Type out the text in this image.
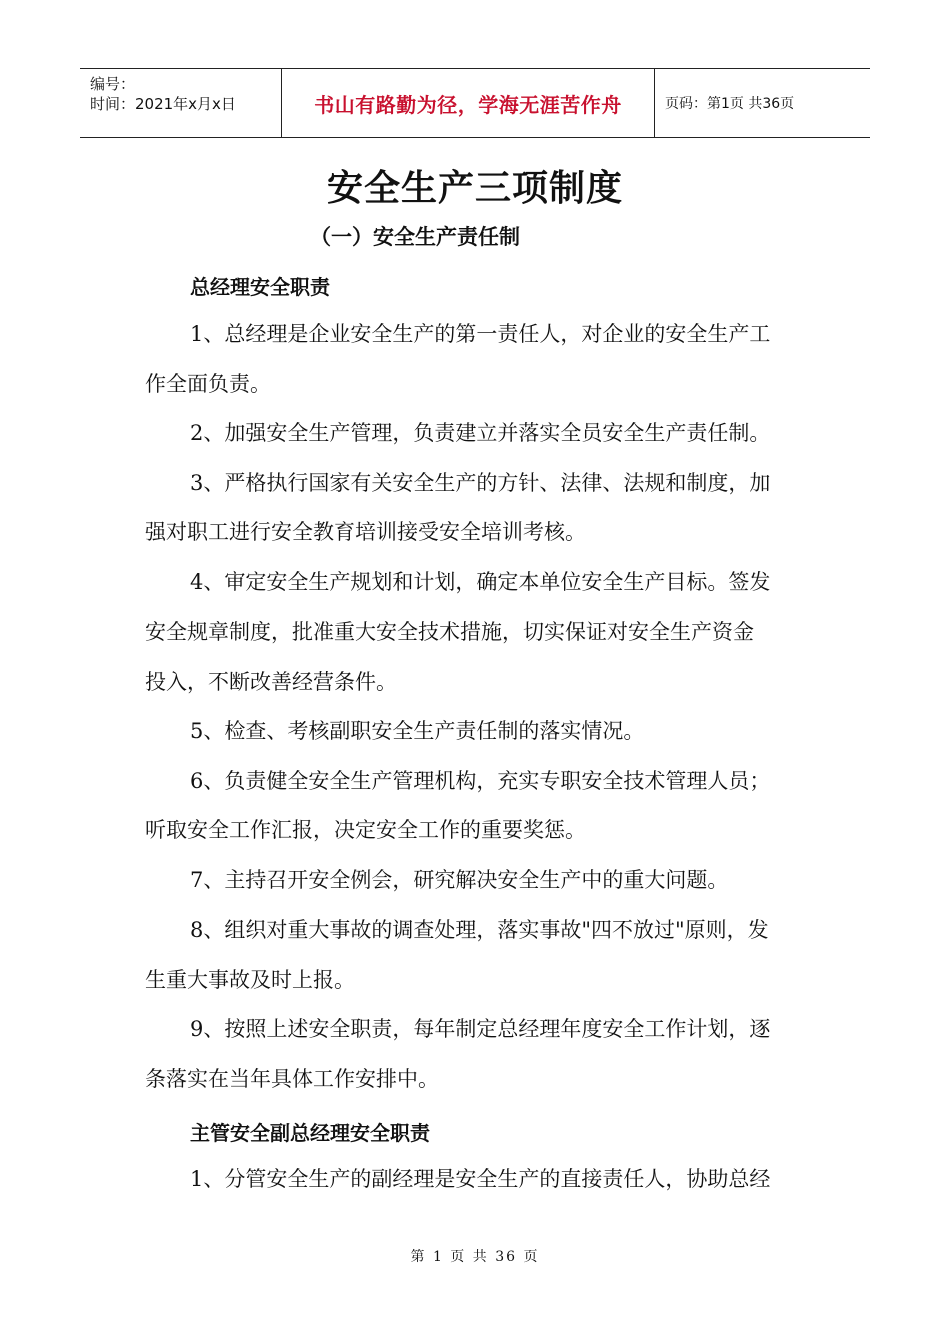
编号：
时间：2021年x月x日	书山有路勤为径，学海无涯苦作舟	页码：第1页 共36页
安全生产三项制度
（一）安全生产责任制
总经理安全职责
1、总经理是企业安全生产的第一责任人，对企业的安全生产工
作全面负责。
2、加强安全生产管理，负责建立并落实全员安全生产责任制。
3、严格执行国家有关安全生产的方针、法律、法规和制度，加
强对职工进行安全教育培训接受安全培训考核。
4、审定安全生产规划和计划，确定本单位安全生产目标。签发
安全规章制度，批准重大安全技术措施，切实保证对安全生产资金
投入，不断改善经营条件。
5、检查、考核副职安全生产责任制的落实情况。
6、负责健全安全生产管理机构，充实专职安全技术管理人员；
听取安全工作汇报，决定安全工作的重要奖惩。
7、主持召开安全例会，研究解决安全生产中的重大问题。
8、组织对重大事故的调查处理，落实事故"四不放过"原则，发
生重大事故及时上报。
9、按照上述安全职责，每年制定总经理年度安全工作计划，逐
条落实在当年具体工作安排中。
主管安全副总经理安全职责
1、分管安全生产的副经理是安全生产的直接责任人，协助总经
第 1 页 共 36 页
